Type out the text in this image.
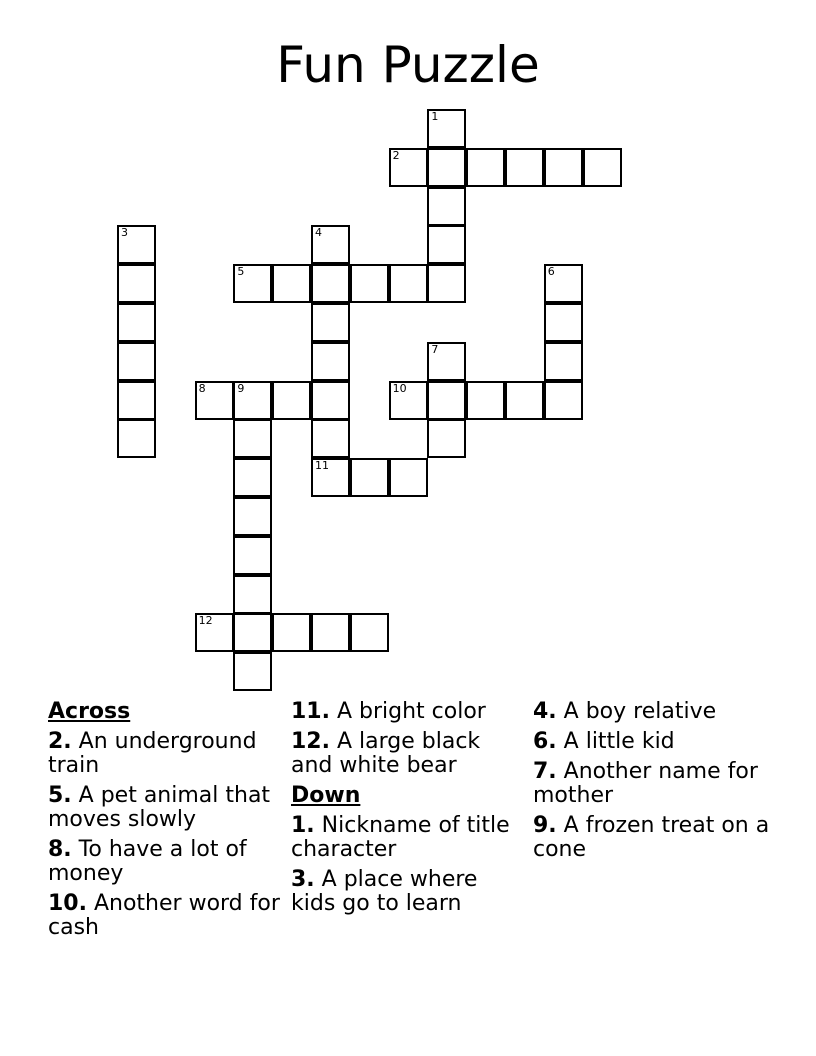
Fun Puzzle
1
2
3	4
5	6
7
8	9	10
11
12
Across
2. An underground train
5. A pet animal that moves slowly
8. To have a lot of money
10. Another word for cash
11. A bright color
12. A large black and white bear
Down
1. Nickname of title character
3. A place where kids go to learn
4. A boy relative
6. A little kid
7. Another name for mother
9. A frozen treat on a cone
